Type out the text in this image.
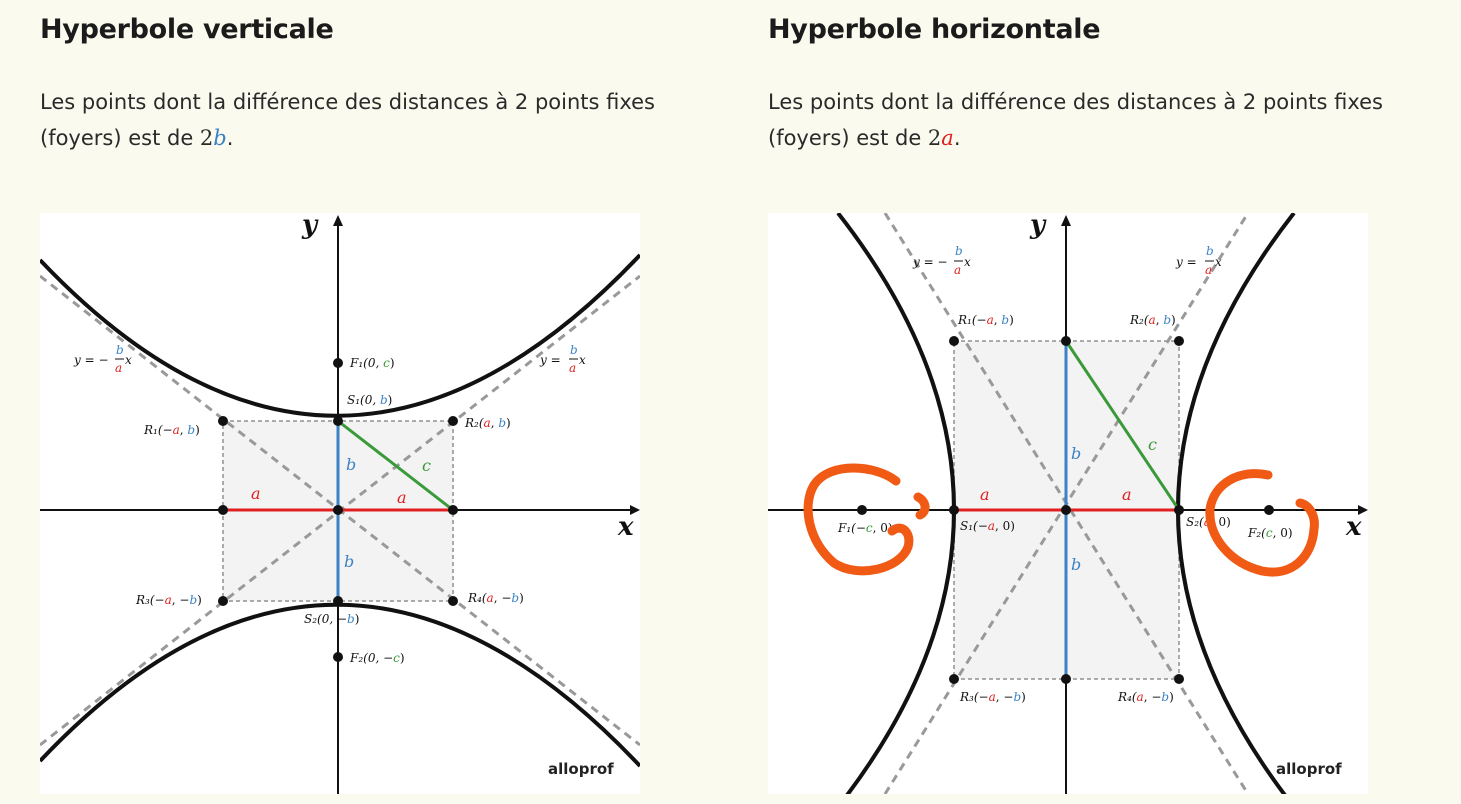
Hyperbole verticale

Les points dont la différence des distances à 2 points fixes (foyers) est de 2b.

Hyperbole horizontale

Les points dont la différence des distances à 2 points fixes (foyers) est de 2a.

y
x
y = −
b
a
x	y =
b
a
x
F₁(0, c)
S₁(0, b)
R₁(−a, b)	R₂(a, b)
R₃(−a, −b)	R₄(a, −b)
S₂(0, −b)
F₂(0, −c)
a	a
b
b
c
alloprof
y
x
y = −
b
a
x	y =
b
a
x
R₁(−a, b)	R₂(a, b)
F₁(−c, 0)	S₁(−a, 0)	S₂(a, 0)
F₂(c, 0)
R₃(−a, −b)	R₄(a, −b)
a	a
b
b
c
alloprof
